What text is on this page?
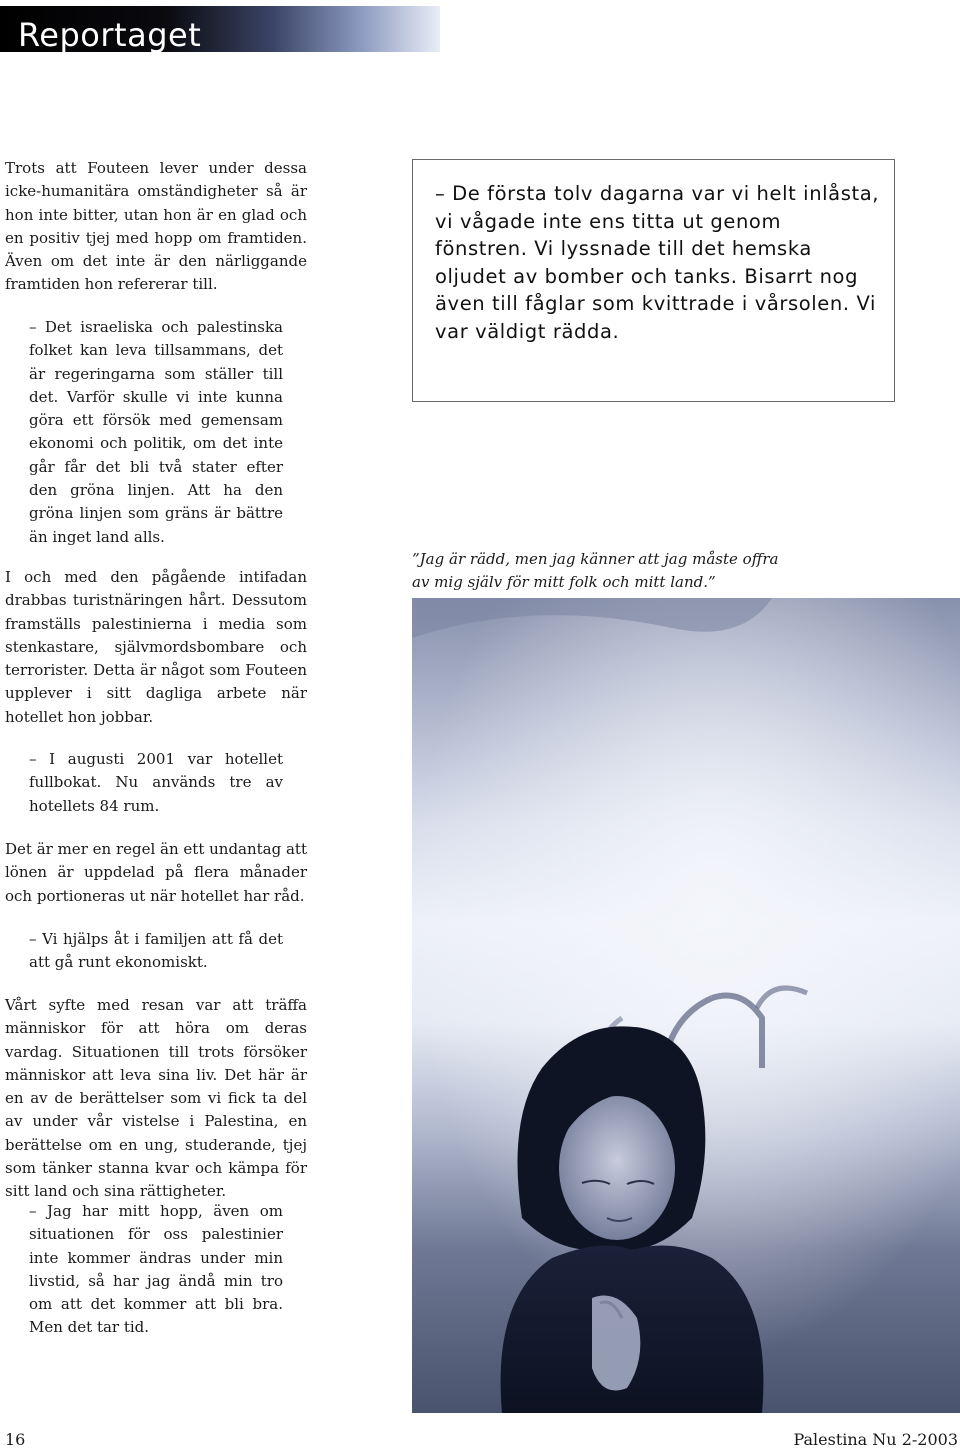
Reportaget

Trots att Fouteen lever under dessa icke-humanitära omständigheter så är hon inte bitter, utan hon är en glad och en positiv tjej med hopp om framtiden. Även om det inte är den närliggande framtiden hon refererar till.

– Det israeliska och palestinska folket kan leva tillsammans, det är regeringarna som ställer till det. Varför skulle vi inte kunna göra ett försök med gemensam ekonomi och politik, om det inte går får det bli två stater efter den gröna linjen. Att ha den gröna linjen som gräns är bättre än inget land alls.

I och med den pågående intifadan drabbas turistnäringen hårt. Dessutom framställs palestinierna i media som stenkastare, självmordsbombare och terrorister. Detta är något som Fouteen upplever i sitt dagliga arbete när hotellet hon jobbar.

– I augusti 2001 var hotellet fullbokat. Nu används tre av hotellets 84 rum.

Det är mer en regel än ett undantag att lönen är uppdelad på flera månader och portioneras ut när hotellet har råd.

– Vi hjälps åt i familjen att få det att gå runt ekonomiskt.

Vårt syfte med resan var att träffa människor för att höra om deras vardag. Situationen till trots försöker människor att leva sina liv. Det här är en av de berättelser som vi fick ta del av under vår vistelse i Palestina, en berättelse om en ung, studerande, tjej som tänker stanna kvar och kämpa för sitt land och sina rättigheter.

– Jag har mitt hopp, även om situationen för oss palestinier inte kommer ändras under min livstid, så har jag ändå min tro om att det kommer att bli bra. Men det tar tid.

– De första tolv dagarna var vi helt inlåsta, vi vågade inte ens titta ut genom fönstren. Vi lyssnade till det hemska oljudet av bomber och tanks. Bisarrt nog även till fåglar som kvittrade i vårsolen. Vi var väldigt rädda.

”Jag är rädd, men jag känner att jag måste offra av mig själv för mitt folk och mitt land.”

16	Palestina Nu 2-2003
